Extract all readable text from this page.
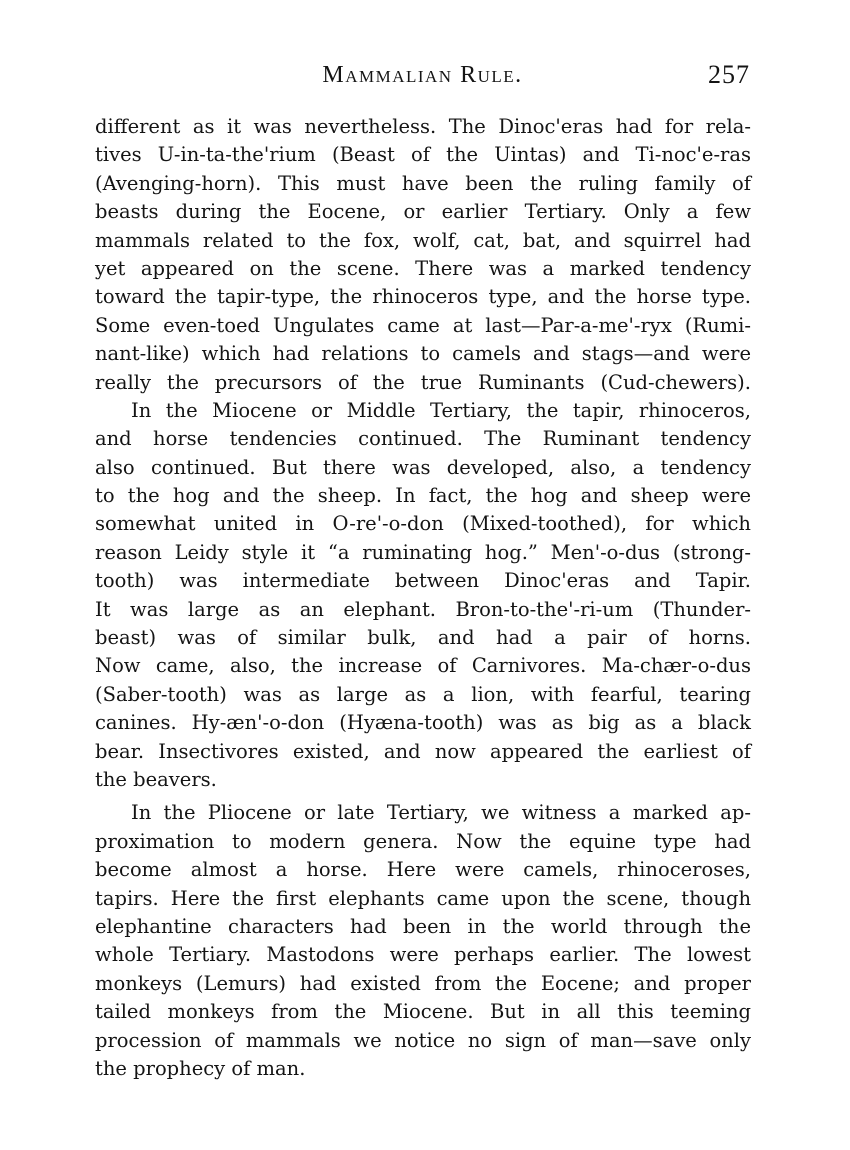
Mammalian Rule.	257
different as it was nevertheless. The Dinoc'eras had for rela-
tives U-in-ta-the'rium (Beast of the Uintas) and Ti-noc'e-ras
(Avenging-horn). This must have been the ruling family of
beasts during the Eocene, or earlier Tertiary. Only a few
mammals related to the fox, wolf, cat, bat, and squirrel had
yet appeared on the scene. There was a marked tendency
toward the tapir-type, the rhinoceros type, and the horse type.
Some even-toed Ungulates came at last—Par-a-me'-ryx (Rumi-
nant-like) which had relations to camels and stags—and were
really the precursors of the true Ruminants (Cud-chewers).
In the Miocene or Middle Tertiary, the tapir, rhinoceros,
and horse tendencies continued. The Ruminant tendency
also continued. But there was developed, also, a tendency
to the hog and the sheep. In fact, the hog and sheep were
somewhat united in O-re'-o-don (Mixed-toothed), for which
reason Leidy style it “a ruminating hog.” Men'-o-dus (strong-
tooth) was intermediate between Dinoc'eras and Tapir.
It was large as an elephant. Bron-to-the'-ri-um (Thunder-
beast) was of similar bulk, and had a pair of horns.
Now came, also, the increase of Carnivores. Ma-chær-o-dus
(Saber-tooth) was as large as a lion, with fearful, tearing
canines. Hy-æn'-o-don (Hyæna-tooth) was as big as a black
bear. Insectivores existed, and now appeared the earliest of
the beavers.
In the Pliocene or late Tertiary, we witness a marked ap-
proximation to modern genera. Now the equine type had
become almost a horse. Here were camels, rhinoceroses,
tapirs. Here the first elephants came upon the scene, though
elephantine characters had been in the world through the
whole Tertiary. Mastodons were perhaps earlier. The lowest
monkeys (Lemurs) had existed from the Eocene; and proper
tailed monkeys from the Miocene. But in all this teeming
procession of mammals we notice no sign of man—save only
the prophecy of man.
